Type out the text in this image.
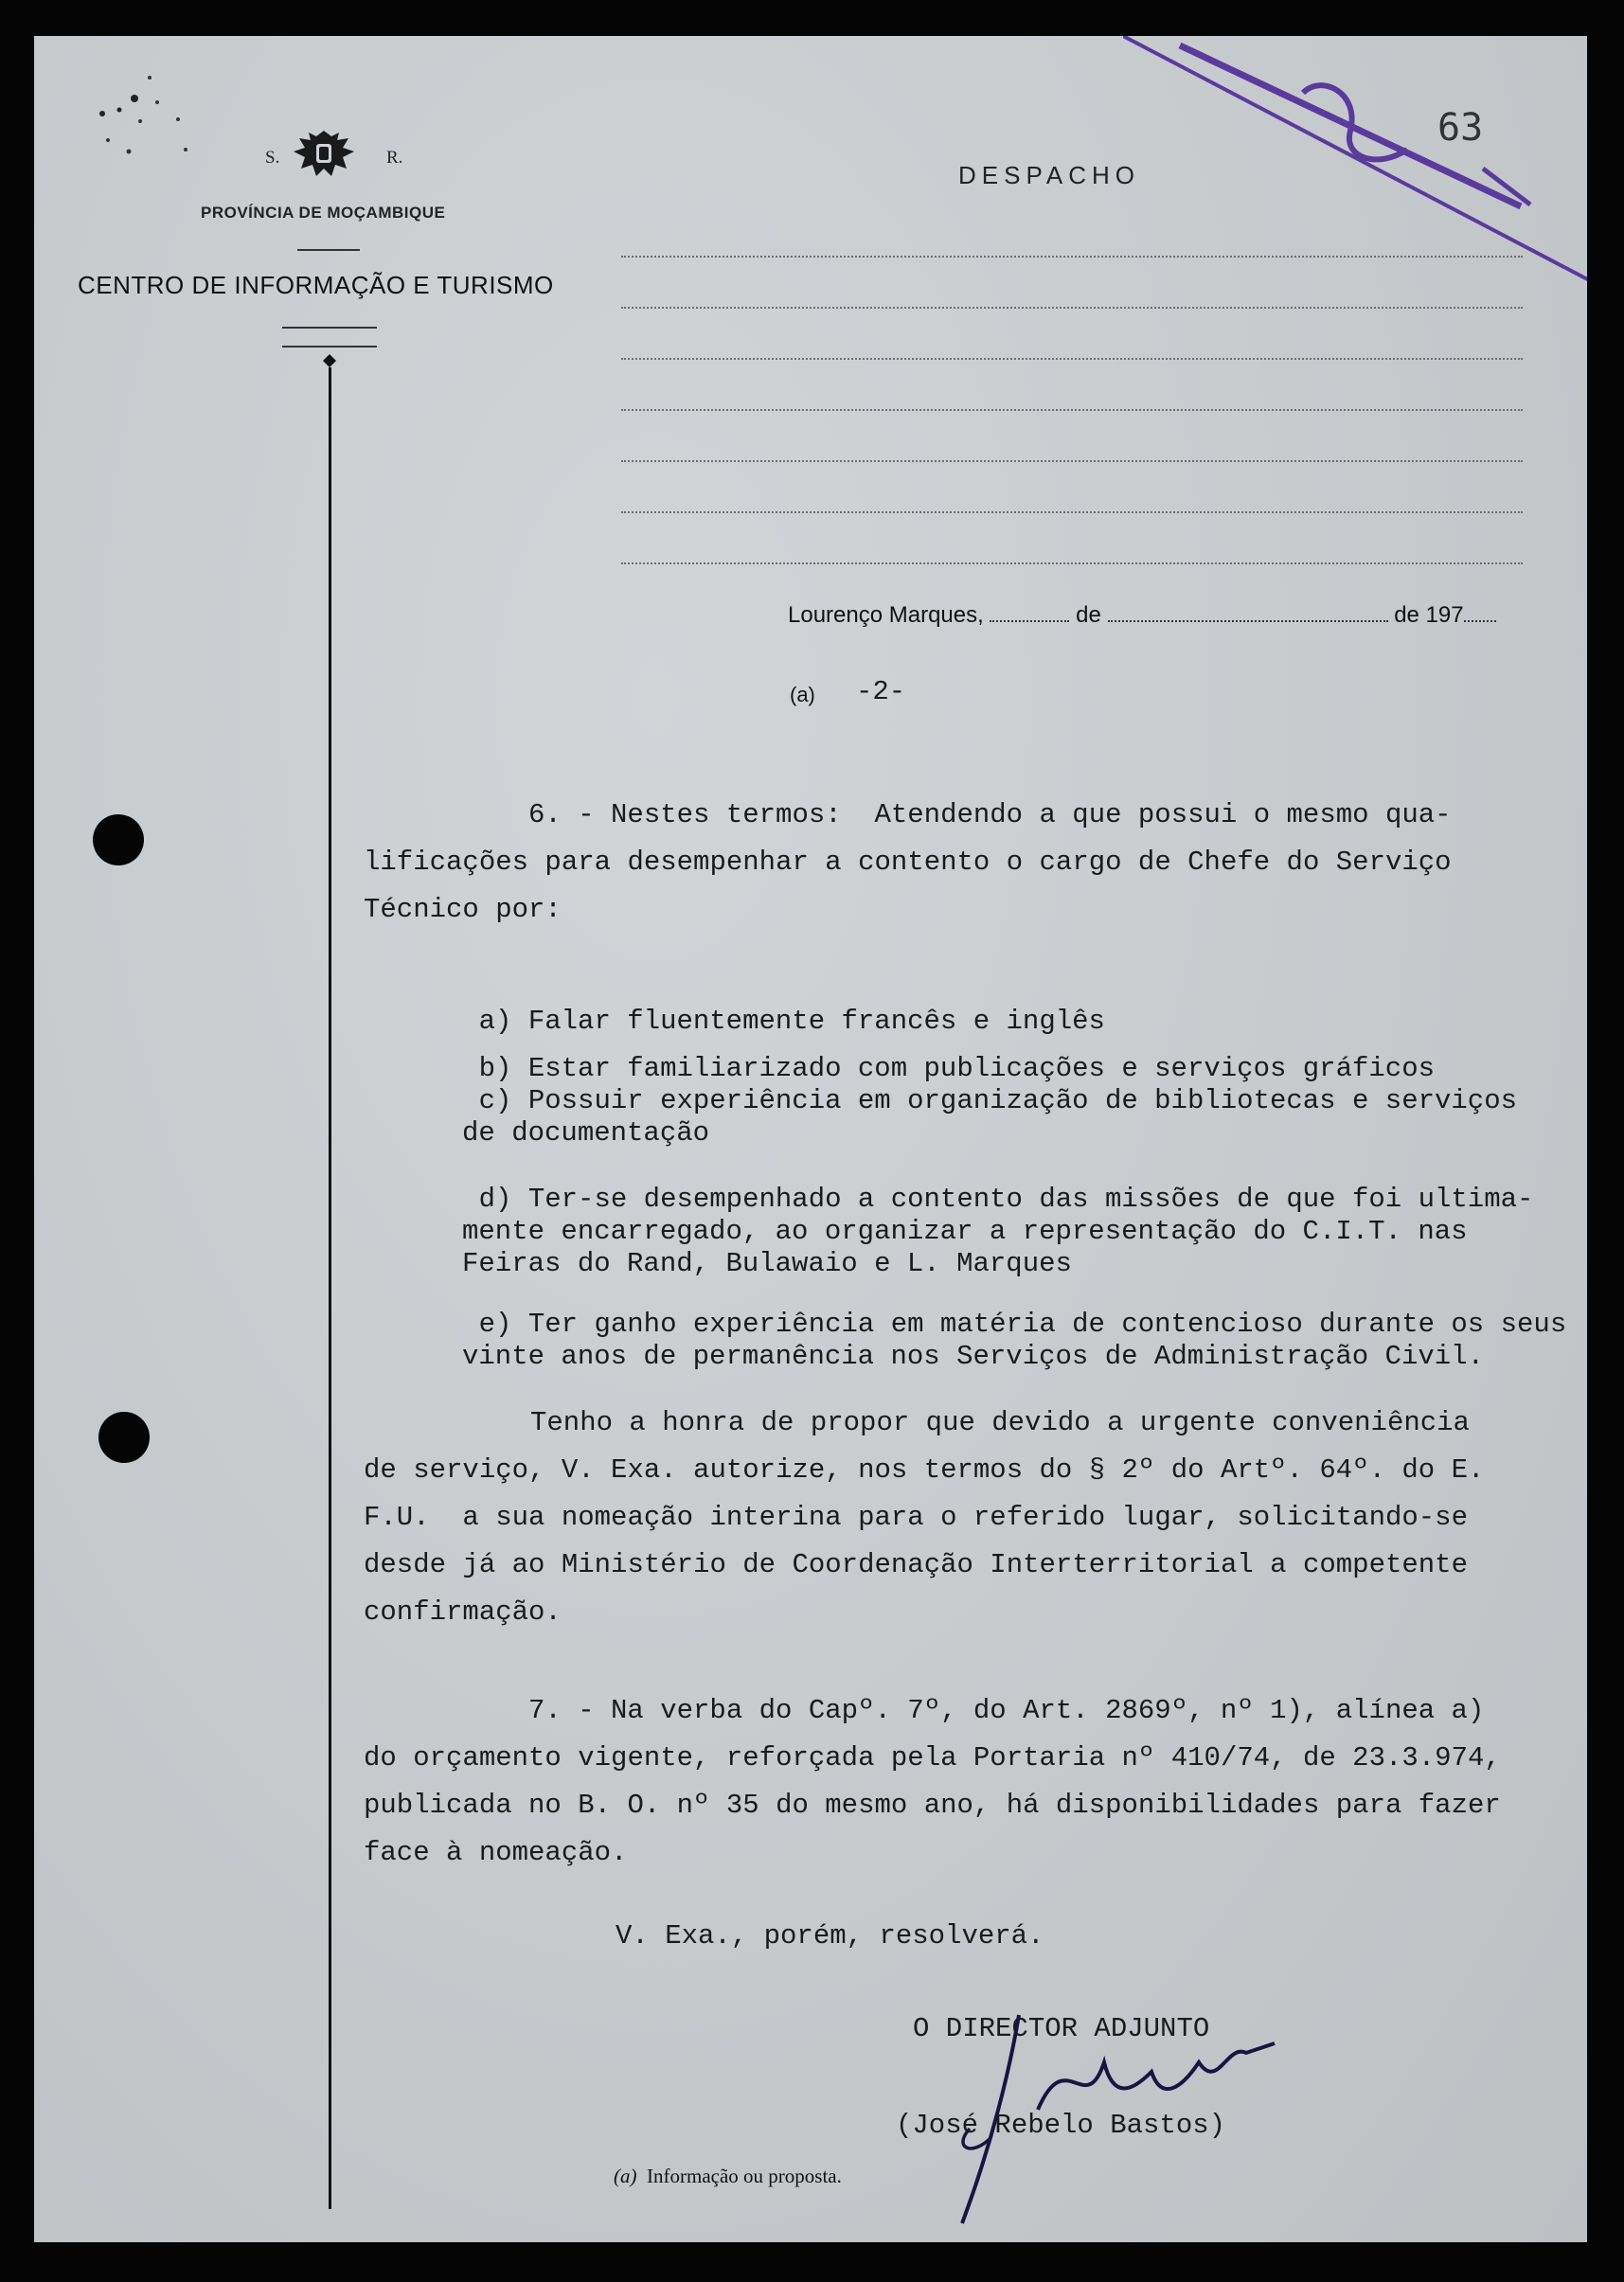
S.	R.
PROVÍNCIA DE MOÇAMBIQUE
CENTRO DE INFORMAÇÃO E TURISMO
DESPACHO
63
Lourenço Marques,	de	de 197
(a) -2-
6. - Nestes termos:  Atendendo a que possui o mesmo qua-
lificações para desempenhar a contento o cargo de Chefe do Serviço
Técnico por:

a) Falar fluentemente francês e inglês

b) Estar familiarizado com publicações e serviços gráficos

c) Possuir experiência em organização de bibliotecas e serviços
de documentação

d) Ter-se desempenhado a contento das missões de que foi ultima-
mente encarregado, ao organizar a representação do C.I.T. nas
Feiras do Rand, Bulawaio e L. Marques

e) Ter ganho experiência em matéria de contencioso durante os seus
vinte anos de permanência nos Serviços de Administração Civil.

Tenho a honra de propor que devido a urgente conveniência
de serviço, V. Exa. autorize, nos termos do § 2º do Artº. 64º. do E.
F.U.  a sua nomeação interina para o referido lugar, solicitando-se
desde já ao Ministério de Coordenação Interterritorial a competente
confirmação.
7. - Na verba do Capº. 7º, do Art. 2869º, nº 1), alínea a)
do orçamento vigente, reforçada pela Portaria nº 410/74, de 23.3.974,
publicada no B. O. nº 35 do mesmo ano, há disponibilidades para fazer
face à nomeação.
V. Exa., porém, resolverá.
O DIRECTOR ADJUNTO
(José Rebelo Bastos)
(a) Informação ou proposta.
